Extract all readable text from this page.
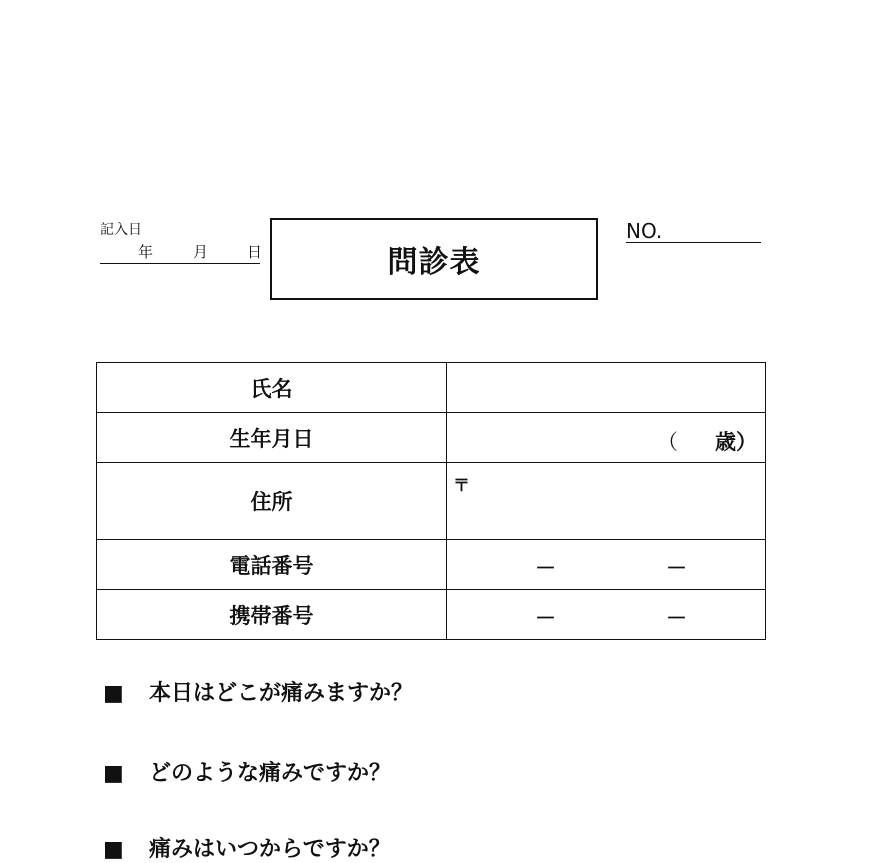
記入日
年	月	日	問診表
NO.
氏名	
生年月日	（ 歳）

住所	〒

電話番号	－ －

携帯番号	－ －
■ 本日はどこが痛みますか？
■ どのような痛みですか？
■ 痛みはいつからですか？
